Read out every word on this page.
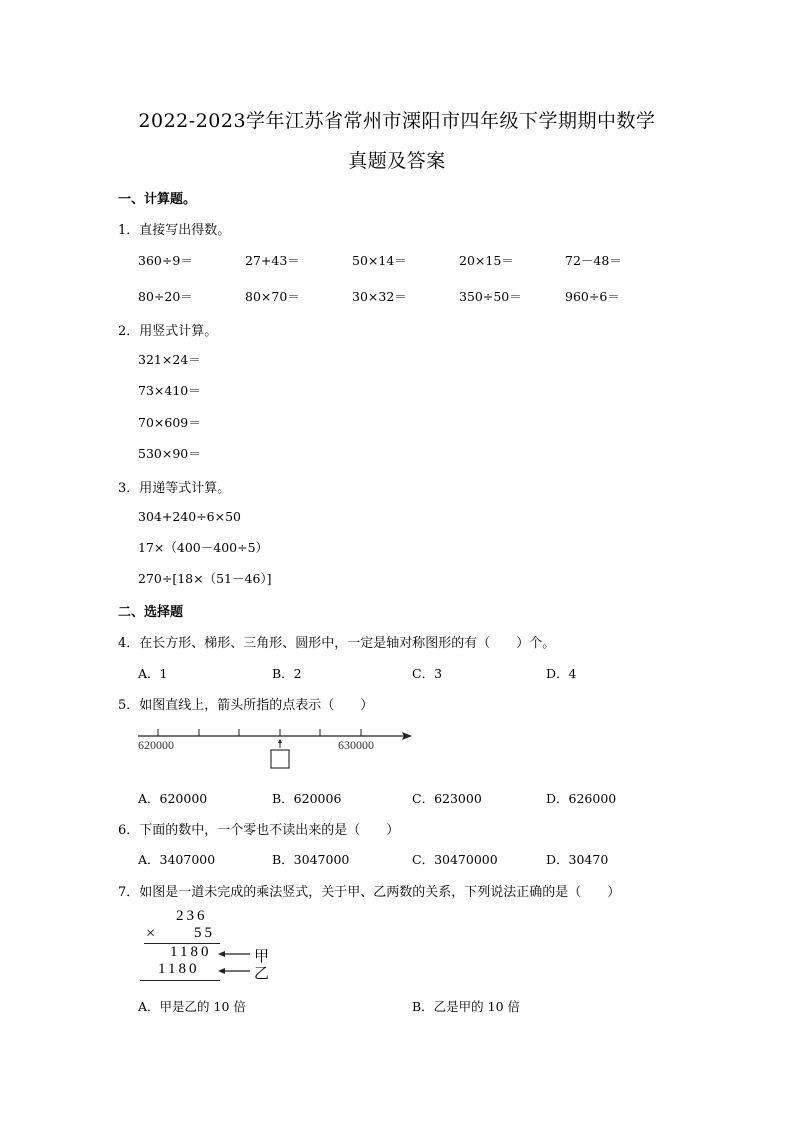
2022-2023学年江苏省常州市溧阳市四年级下学期期中数学
真题及答案
一、计算题。
1．直接写出得数。
360÷9＝	27+43＝	50×14＝	20×15＝	72－48＝
80÷20＝	80×70＝	30×32＝	350÷50＝	960÷6＝
2．用竖式计算。
321×24＝
73×410＝
70×609＝
530×90＝
3．用递等式计算。
304+240÷6×50
17×（400－400÷5）
270÷[18×（51－46）]
二、选择题
4．在长方形、梯形、三角形、圆形中，一定是轴对称图形的有（　　）个。
A．1	B．2	C．3	D．4
5．如图直线上，箭头所指的点表示（　　）
620000	630000
A．620000	B．620006	C．623000	D．626000
6．下面的数中，一个零也不读出来的是（　　）
A．3407000	B．3047000	C．30470000	D．30470
7．如图是一道未完成的乘法竖式，关于甲、乙两数的关系，下列说法正确的是（　　）
236
×	55
1180
1180
甲
乙
A．甲是乙的 10 倍	B．乙是甲的 10 倍
